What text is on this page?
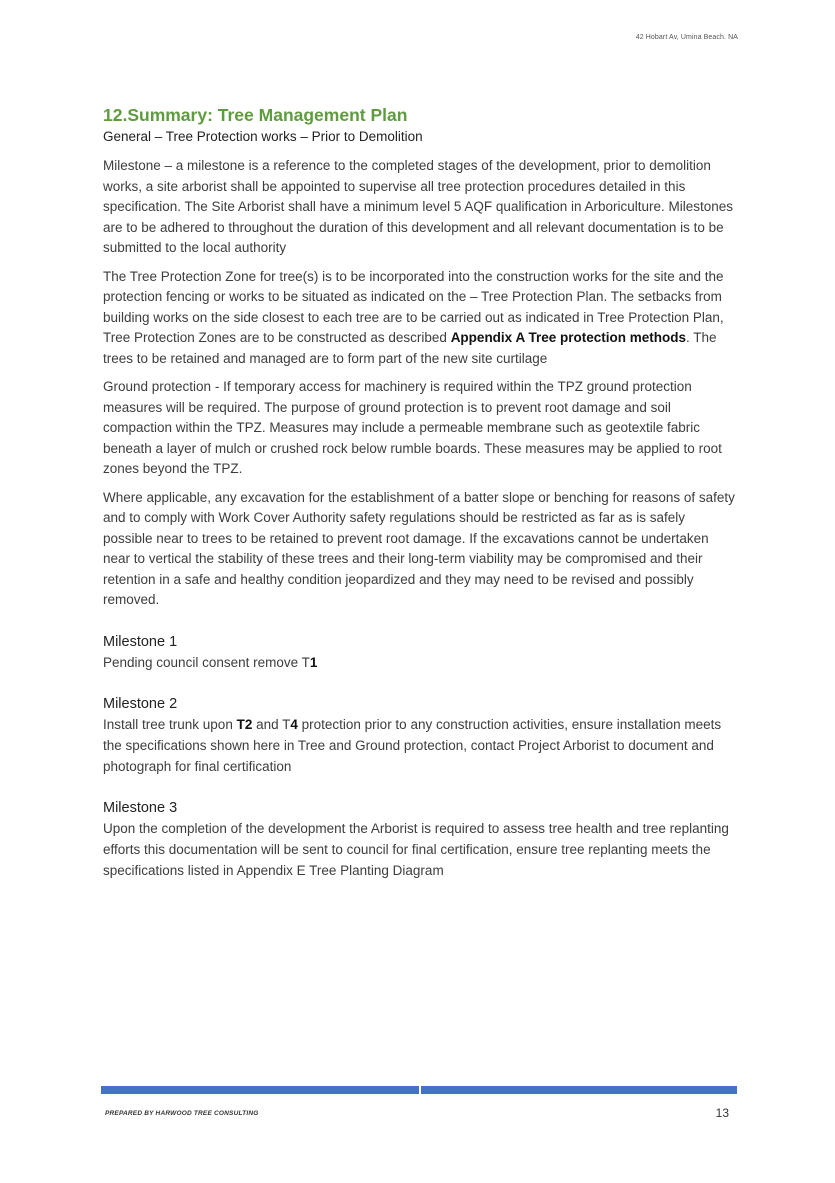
42 Hobart Av, Umina Beach. NA
12.Summary: Tree Management Plan
General – Tree Protection works – Prior to Demolition

Milestone – a milestone is a reference to the completed stages of the development, prior to demolition works, a site arborist shall be appointed to supervise all tree protection procedures detailed in this specification. The Site Arborist shall have a minimum level 5 AQF qualification in Arboriculture. Milestones are to be adhered to throughout the duration of this development and all relevant documentation is to be submitted to the local authority

The Tree Protection Zone for tree(s) is to be incorporated into the construction works for the site and the protection fencing or works to be situated as indicated on the – Tree Protection Plan. The setbacks from building works on the side closest to each tree are to be carried out as indicated in Tree Protection Plan, Tree Protection Zones are to be constructed as described Appendix A Tree protection methods. The trees to be retained and managed are to form part of the new site curtilage

Ground protection - If temporary access for machinery is required within the TPZ ground protection measures will be required. The purpose of ground protection is to prevent root damage and soil compaction within the TPZ. Measures may include a permeable membrane such as geotextile fabric beneath a layer of mulch or crushed rock below rumble boards. These measures may be applied to root zones beyond the TPZ.

Where applicable, any excavation for the establishment of a batter slope or benching for reasons of safety and to comply with Work Cover Authority safety regulations should be restricted as far as is safely possible near to trees to be retained to prevent root damage. If the excavations cannot be undertaken near to vertical the stability of these trees and their long-term viability may be compromised and their retention in a safe and healthy condition jeopardized and they may need to be revised and possibly removed.

Milestone 1

Pending council consent remove T1

Milestone 2

Install tree trunk upon T2 and T4 protection prior to any construction activities, ensure installation meets the specifications shown here in Tree and Ground protection, contact Project Arborist to document and photograph for final certification

Milestone 3

Upon the completion of the development the Arborist is required to assess tree health and tree replanting efforts this documentation will be sent to council for final certification, ensure tree replanting meets the specifications listed in Appendix E Tree Planting Diagram

PREPARED BY HARWOOD TREE CONSULTING	13
